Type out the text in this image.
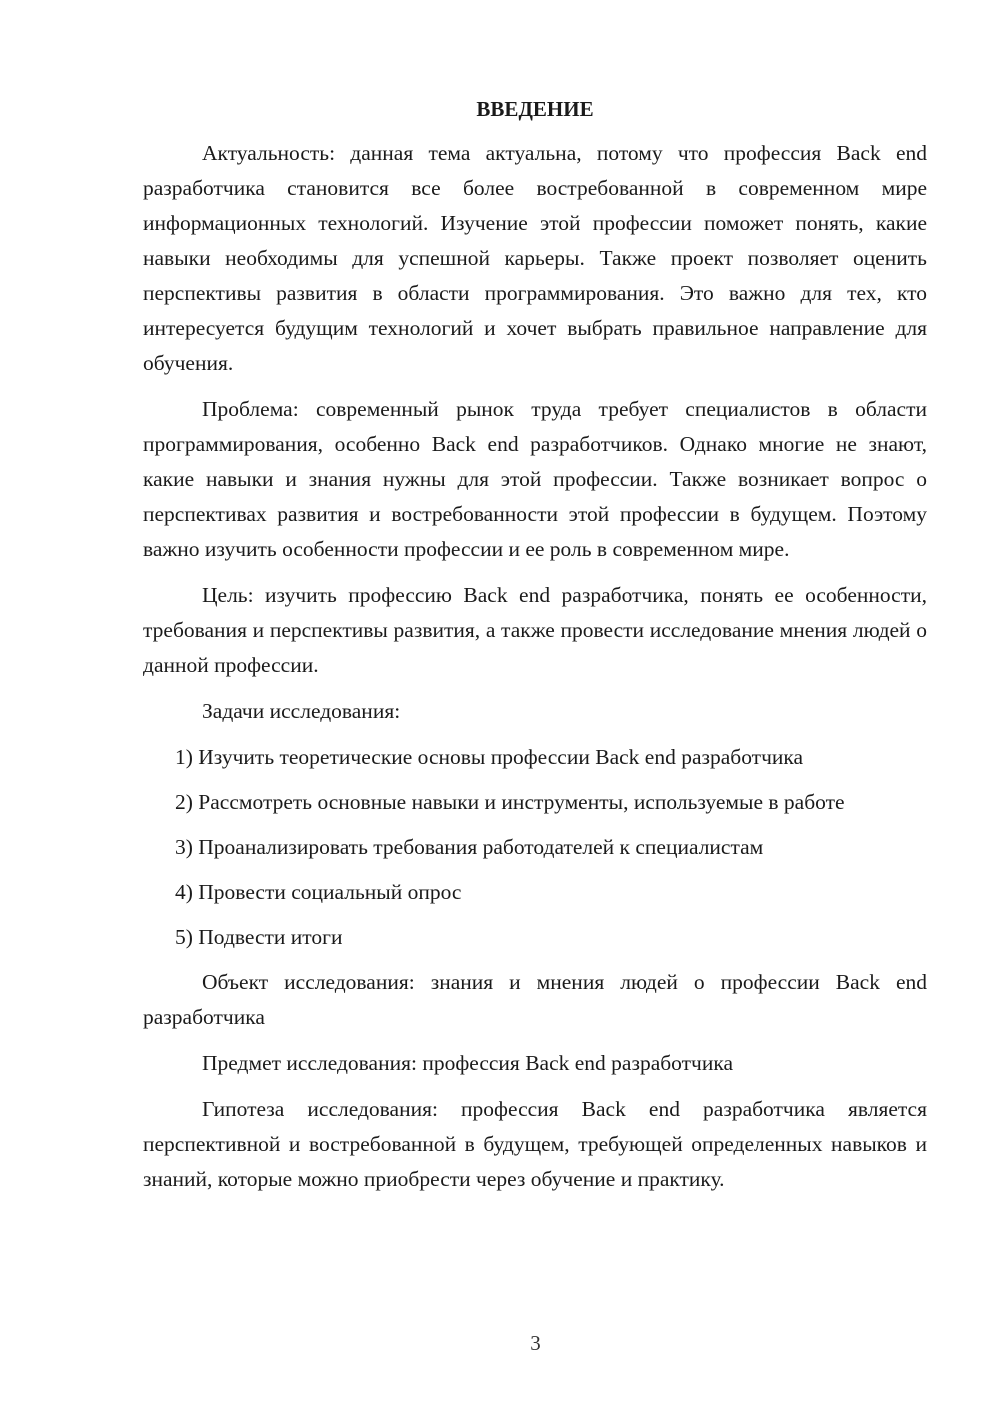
ВВЕДЕНИЕ

Актуальность: данная тема актуальна, потому что профессия Back end разработчика становится все более востребованной в современном мире информационных технологий. Изучение этой профессии поможет понять, какие навыки необходимы для успешной карьеры. Также проект позволяет оценить перспективы развития в области программирования. Это важно для тех, кто интересуется будущим технологий и хочет выбрать правильное направление для обучения.

Проблема: современный рынок труда требует специалистов в области программирования, особенно Back end разработчиков. Однако многие не знают, какие навыки и знания нужны для этой профессии. Также возникает вопрос о перспективах развития и востребованности этой профессии в будущем. Поэтому важно изучить особенности профессии и ее роль в современном мире.

Цель: изучить профессию Back end разработчика, понять ее особенности, требования и перспективы развития, а также провести исследование мнения людей о данной профессии.

Задачи исследования:

1) Изучить теоретические основы профессии Back end разработчика

2) Рассмотреть основные навыки и инструменты, используемые в работе

3) Проанализировать требования работодателей к специалистам

4) Провести социальный опрос

5) Подвести итоги

Объект исследования: знания и мнения людей о профессии Back end разработчика

Предмет исследования: профессия Back end разработчика

Гипотеза исследования: профессия Back end разработчика является перспективной и востребованной в будущем, требующей определенных навыков и знаний, которые можно приобрести через обучение и практику.

3
